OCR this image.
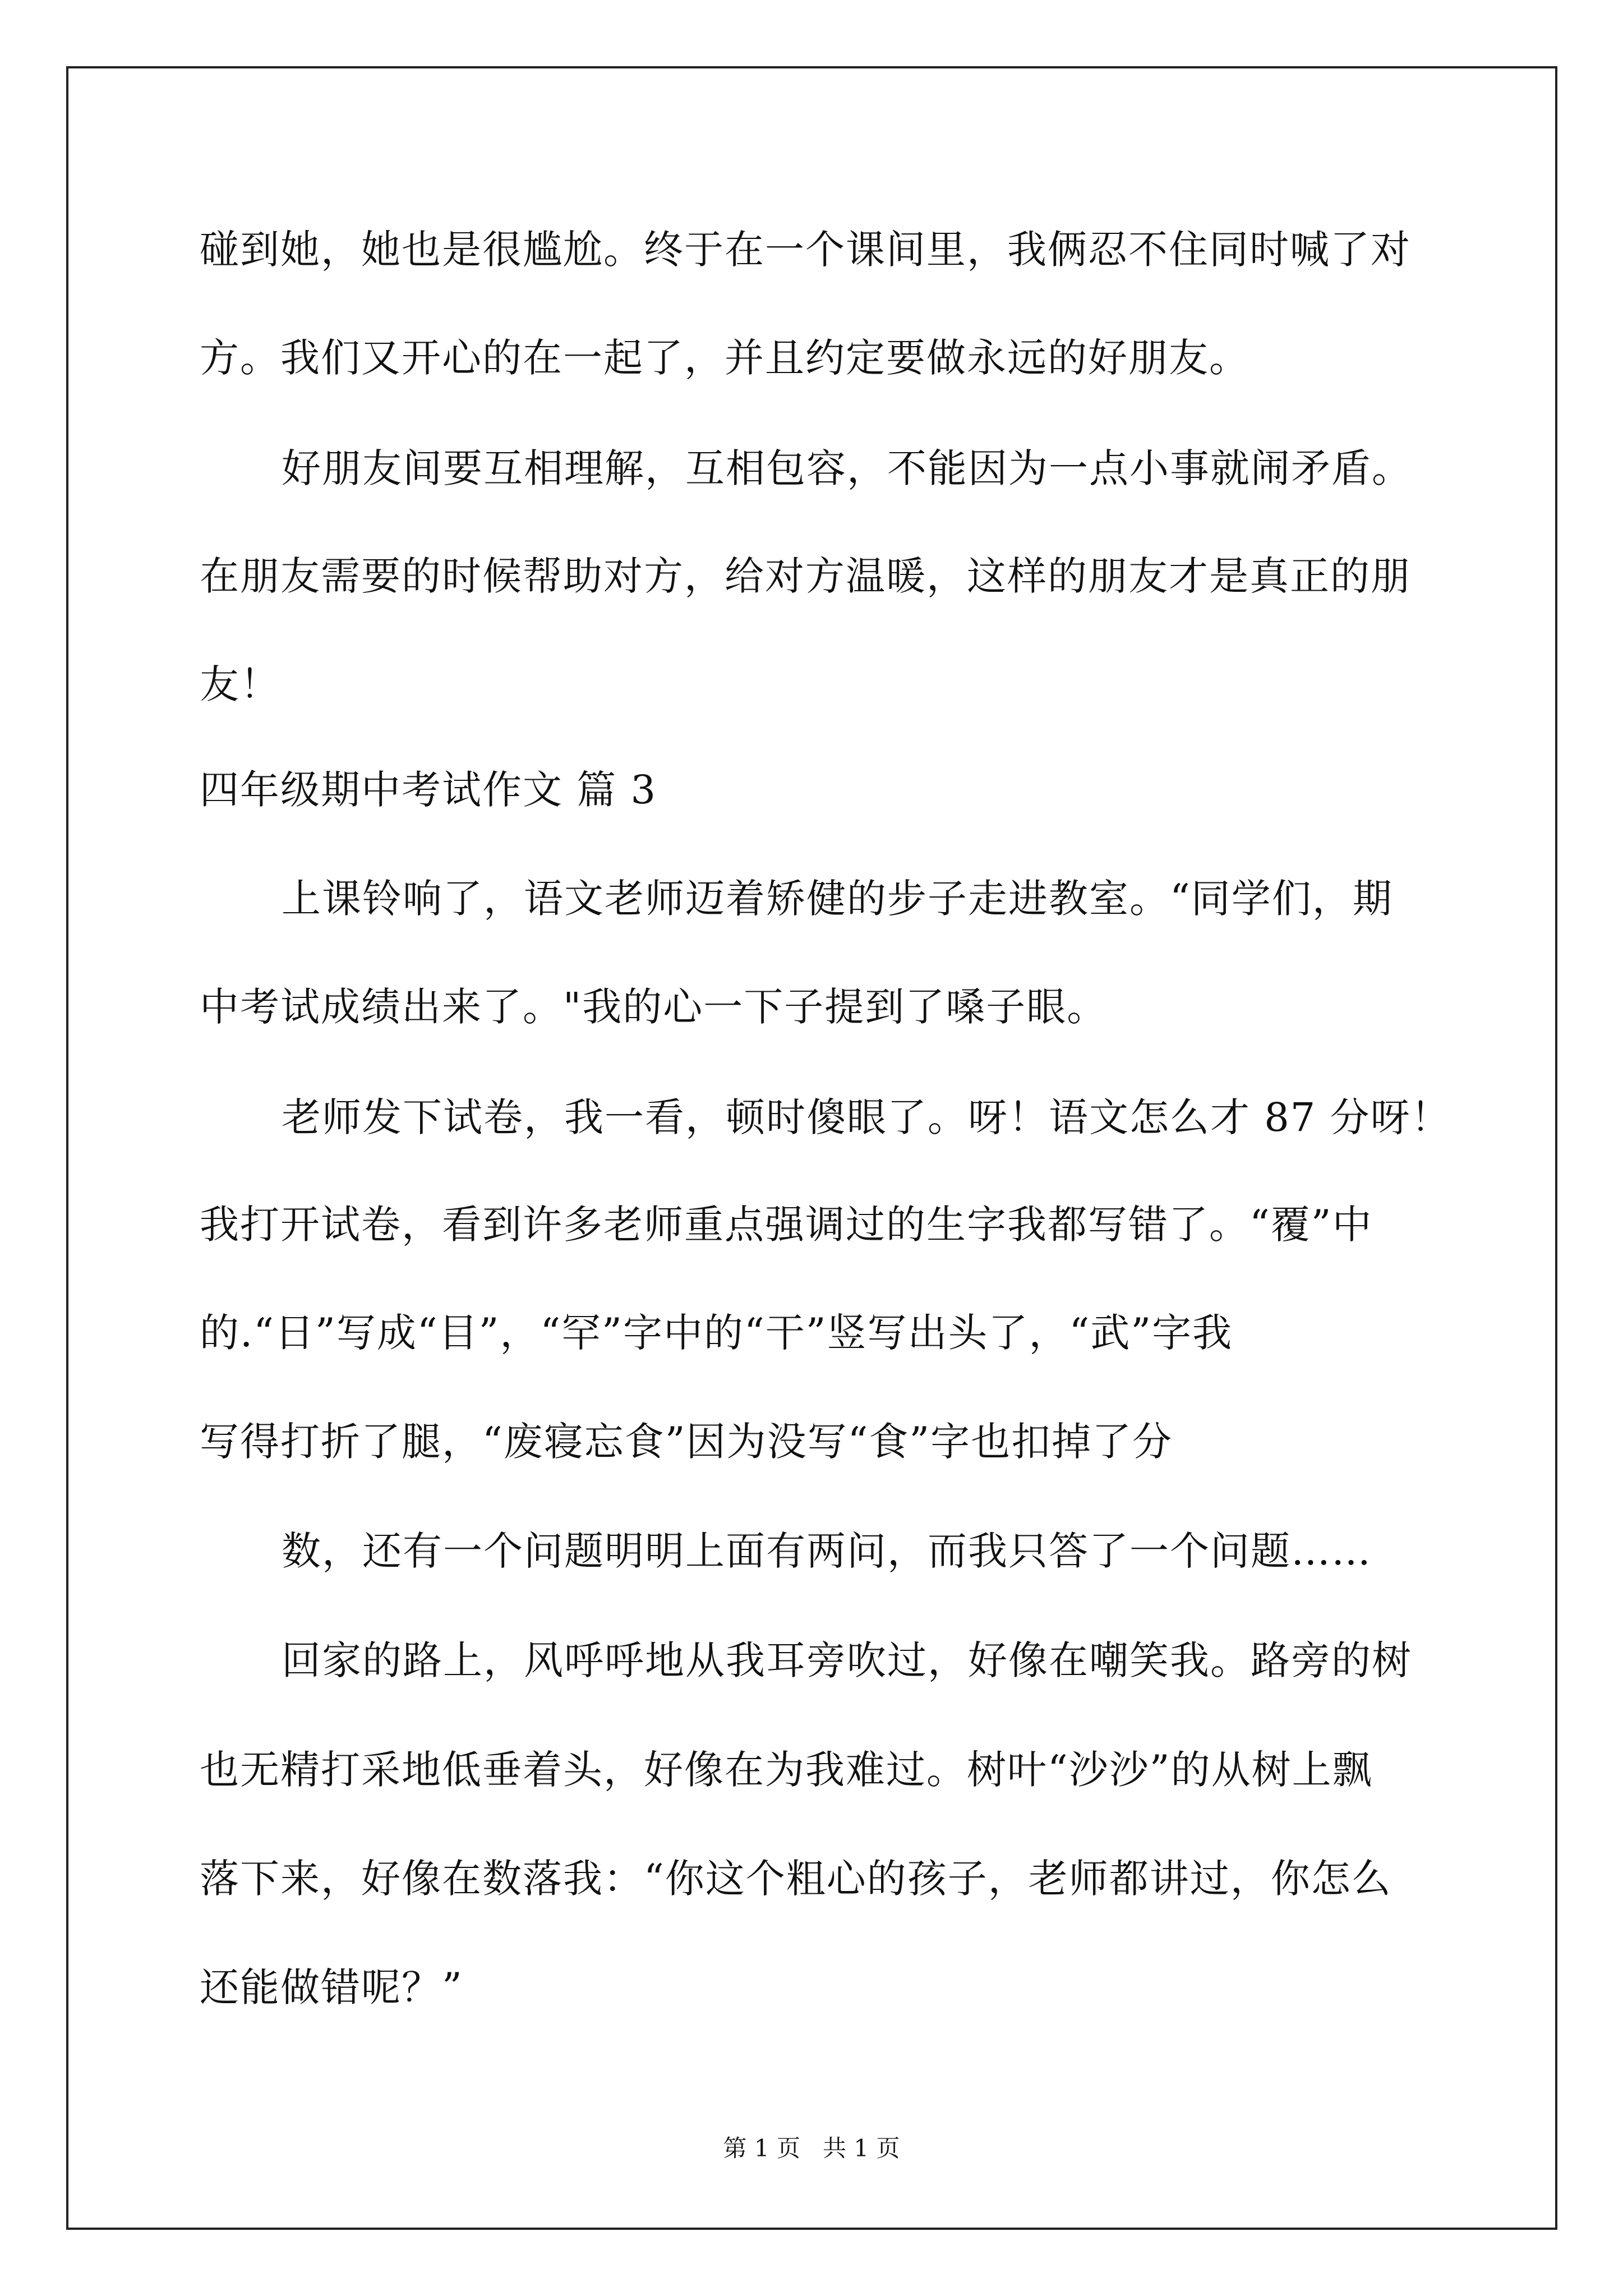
碰到她，她也是很尴尬。终于在一个课间里，我俩忍不住同时喊了对

方。我们又开心的在一起了，并且约定要做永远的好朋友。

好朋友间要互相理解，互相包容，不能因为一点小事就闹矛盾。

在朋友需要的时候帮助对方，给对方温暖，这样的朋友才是真正的朋

友！

四年级期中考试作文 篇 3

上课铃响了，语文老师迈着矫健的步子走进教室。“同学们，期

中考试成绩出来了。"我的心一下子提到了嗓子眼。

老师发下试卷，我一看，顿时傻眼了。呀！语文怎么才 87 分呀！

我打开试卷，看到许多老师重点强调过的生字我都写错了。“覆”中

的.“日”写成“目”，“罕”字中的“干”竖写出头了，“武”字我

写得打折了腿，“废寝忘食”因为没写“食”字也扣掉了分

数，还有一个问题明明上面有两问，而我只答了一个问题……

回家的路上，风呼呼地从我耳旁吹过，好像在嘲笑我。路旁的树

也无精打采地低垂着头，好像在为我难过。树叶“沙沙”的从树上飘

落下来，好像在数落我：“你这个粗心的孩子，老师都讲过，你怎么

还能做错呢？”

第 1 页   共 1 页
